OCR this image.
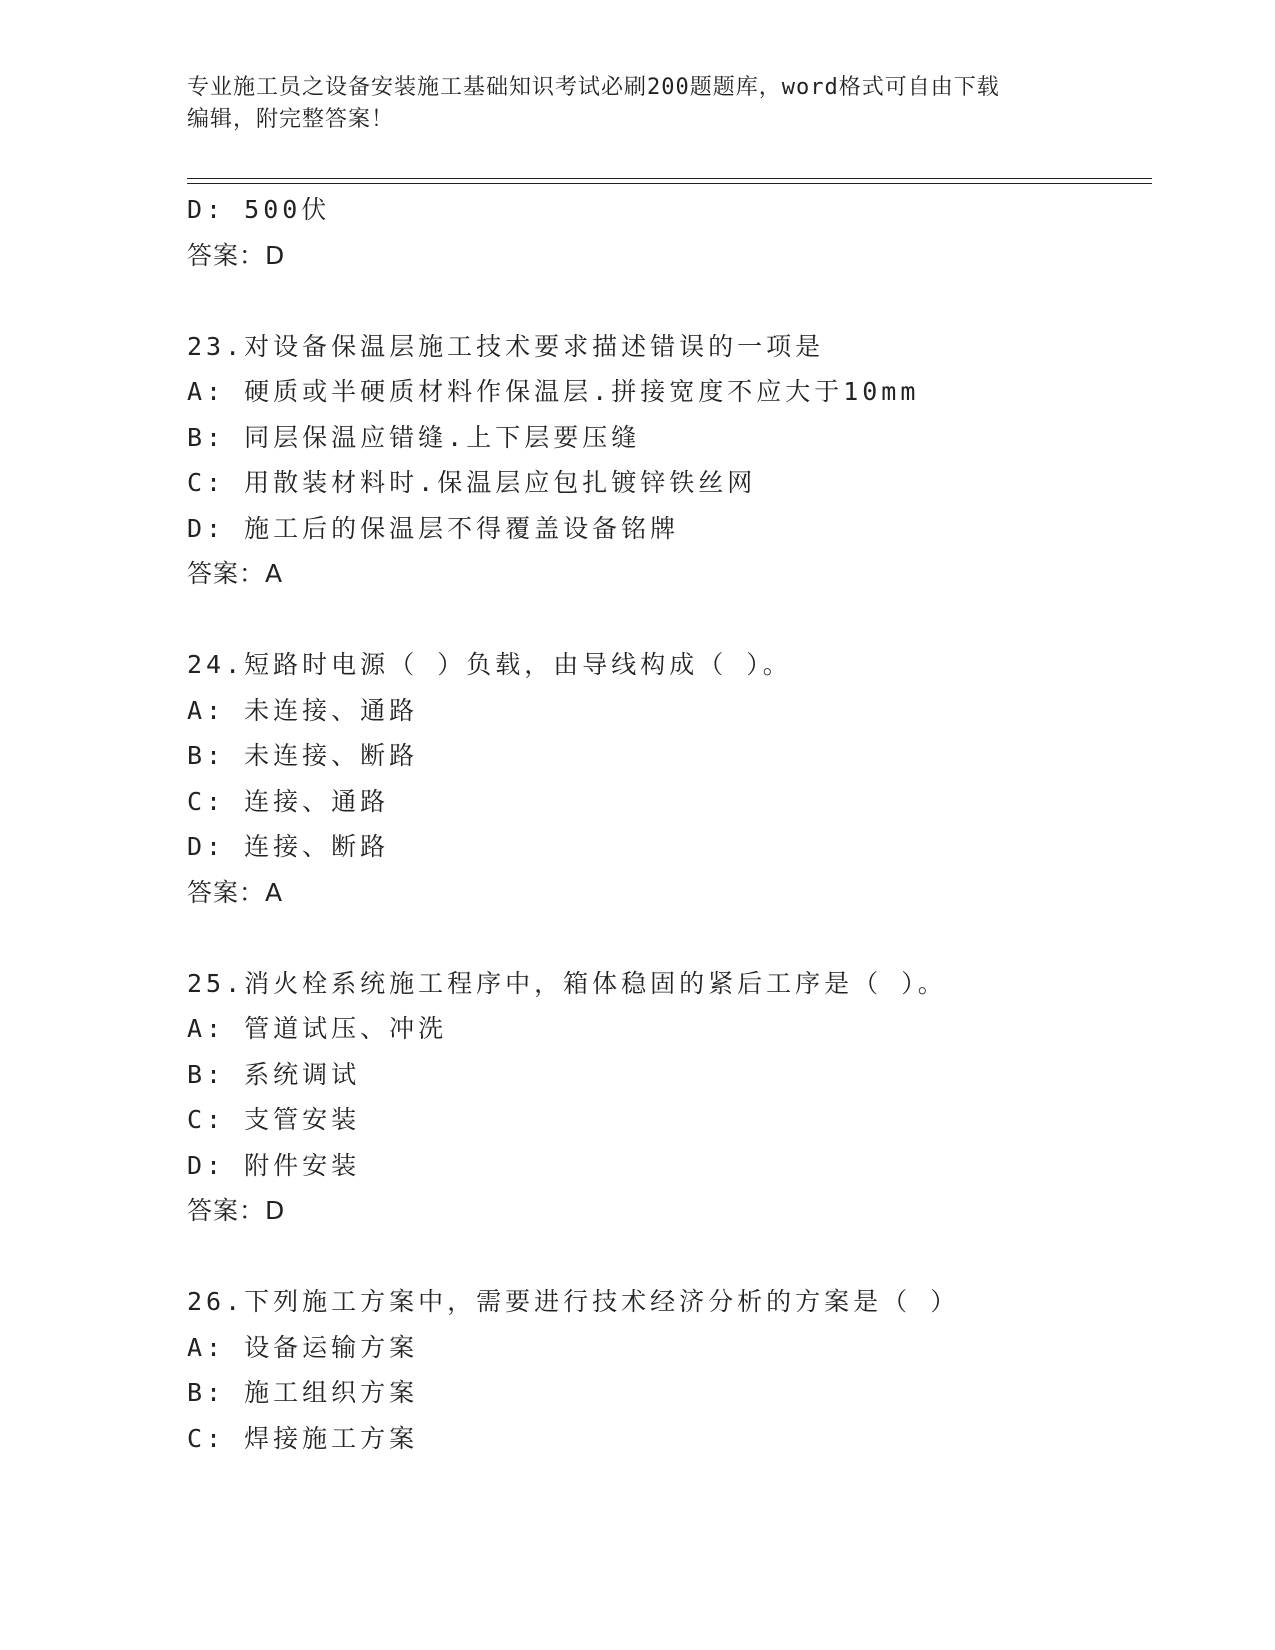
专业施工员之设备安装施工基础知识考试必刷200题题库，word格式可自由下载
编辑，附完整答案！
D: 500伏
答案：D
23.对设备保温层施工技术要求描述错误的一项是
A: 硬质或半硬质材料作保温层.拼接宽度不应大于10mm
B: 同层保温应错缝.上下层要压缝
C: 用散装材料时.保温层应包扎镀锌铁丝网
D: 施工后的保温层不得覆盖设备铭牌
答案：A
24.短路时电源（ ）负载，由导线构成（ ）。
A: 未连接、通路
B: 未连接、断路
C: 连接、通路
D: 连接、断路
答案：A
25.消火栓系统施工程序中，箱体稳固的紧后工序是（ ）。
A: 管道试压、冲洗
B: 系统调试
C: 支管安装
D: 附件安装
答案：D
26.下列施工方案中，需要进行技术经济分析的方案是（ ）
A: 设备运输方案
B: 施工组织方案
C: 焊接施工方案
